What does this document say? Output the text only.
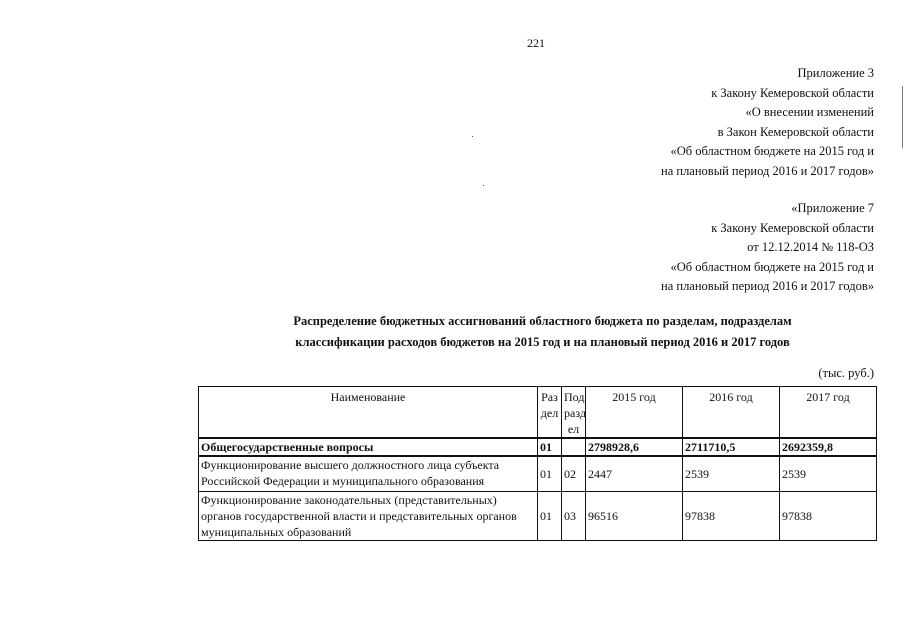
221
Приложение 3
к Закону Кемеровской области
«О внесении изменений
в Закон Кемеровской области
«Об областном бюджете на 2015 год и
на плановый период 2016 и 2017 годов»
«Приложение 7
к Закону Кемеровской области
от 12.12.2014 № 118-ОЗ
«Об областном бюджете на 2015 год и
на плановый период 2016 и 2017 годов»
Распределение бюджетных ассигнований областного бюджета по разделам, подразделам
классификации расходов бюджетов на 2015 год и на плановый период 2016 и 2017 годов
(тыс. руб.)
Наименование	Раз дел	Под разд ел	2015 год	2016 год	2017 год
Общегосударственные вопросы	01		2798928,6	2711710,5	2692359,8
Функционирование высшего должностного лица субъекта Российской Федерации и муниципального образования	01	02	2447	2539	2539
Функционирование законодательных (представительных) органов государственной власти и представительных органов муниципальных образований	01	03	96516	97838	97838
